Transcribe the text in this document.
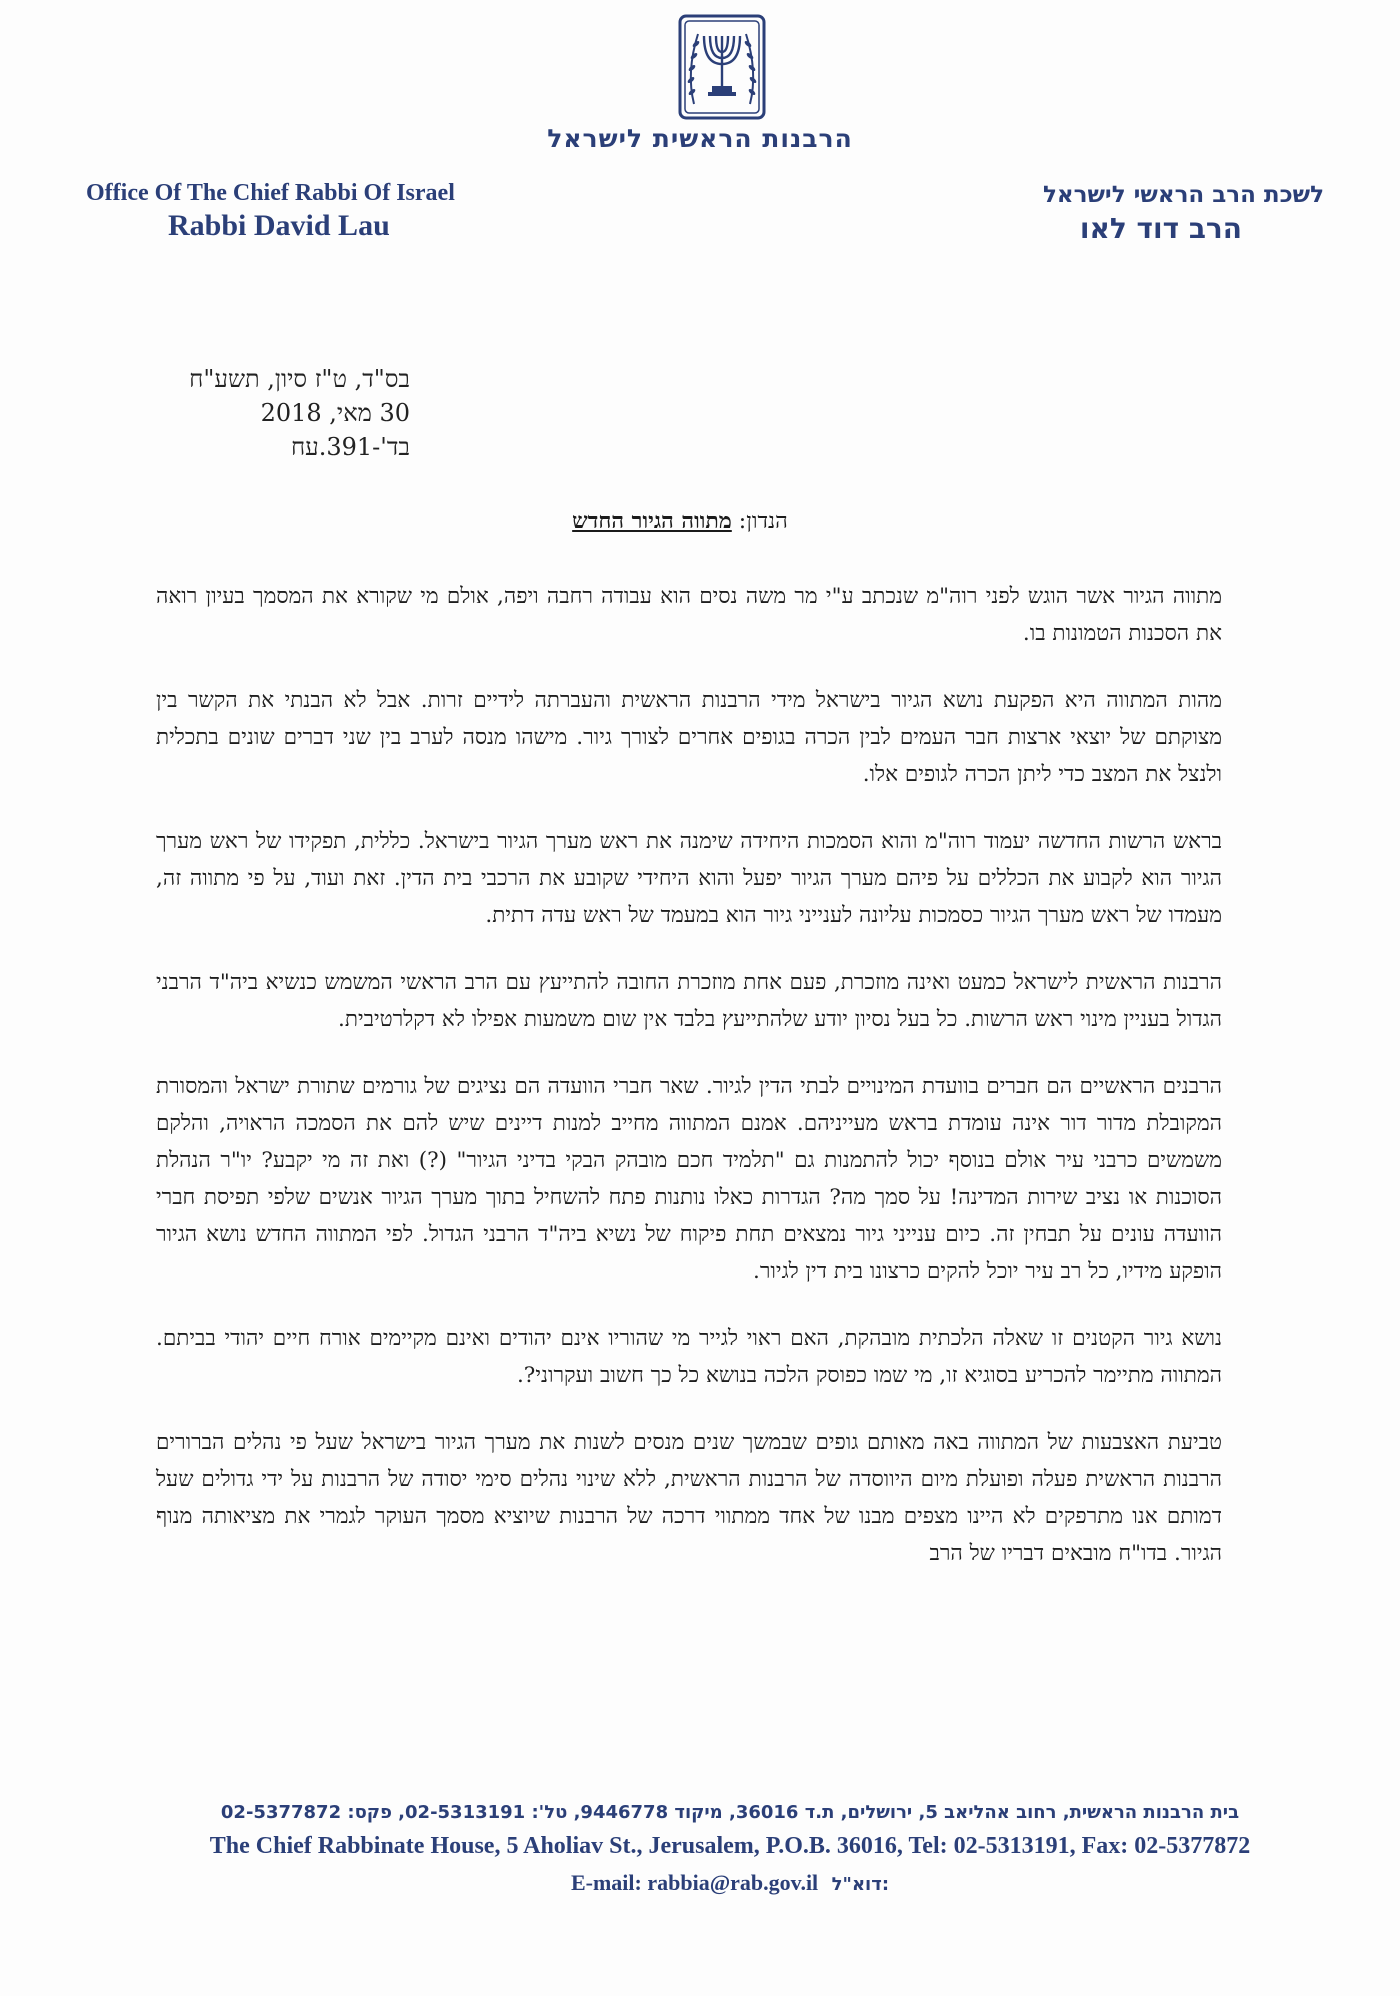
הרבנות הראשית לישראל
Office Of The Chief Rabbi Of Israel
Rabbi David Lau
לשכת הרב הראשי לישראל
הרב דוד לאו
בס"ד, ט"ז סיון, תשע"ח
30 מאי, 2018
בד'-391.עח
הנדון: מתווה הגיור החדש

מתווה הגיור אשר הוגש לפני רוה"מ שנכתב ע"י מר משה נסים הוא עבודה רחבה ויפה, אולם מי שקורא את המסמך בעיון רואה את הסכנות הטמונות בו.

מהות המתווה היא הפקעת נושא הגיור בישראל מידי הרבנות הראשית והעברתה לידיים זרות. אבל לא הבנתי את הקשר בין מצוקתם של יוצאי ארצות חבר העמים לבין הכרה בגופים אחרים לצורך גיור. מישהו מנסה לערב בין שני דברים שונים בתכלית ולנצל את המצב כדי ליתן הכרה לגופים אלו.

בראש הרשות החדשה יעמוד רוה"מ והוא הסמכות היחידה שימנה את ראש מערך הגיור בישראל. כללית, תפקידו של ראש מערך הגיור הוא לקבוע את הכללים על פיהם מערך הגיור יפעל והוא היחידי שקובע את הרכבי בית הדין. זאת ועוד, על פי מתווה זה, מעמדו של ראש מערך הגיור כסמכות עליונה לענייני גיור הוא במעמד של ראש עדה דתית.

הרבנות הראשית לישראל כמעט ואינה מוזכרת, פעם אחת מוזכרת החובה להתייעץ עם הרב הראשי המשמש כנשיא ביה"ד הרבני הגדול בעניין מינוי ראש הרשות. כל בעל נסיון יודע שלהתייעץ בלבד אין שום משמעות אפילו לא דקלרטיבית.

הרבנים הראשיים הם חברים בוועדת המינויים לבתי הדין לגיור. שאר חברי הוועדה הם נציגים של גורמים שתורת ישראל והמסורת המקובלת מדור דור אינה עומדת בראש מעייניהם. אמנם המתווה מחייב למנות דיינים שיש להם את הסמכה הראויה, והלקם משמשים כרבני עיר אולם בנוסף יכול להתמנות גם "תלמיד חכם מובהק הבקי בדיני הגיור" (?) ואת זה מי יקבע? יו"ר הנהלת הסוכנות או נציב שירות המדינה! על סמך מה? הגדרות כאלו נותנות פתח להשחיל בתוך מערך הגיור אנשים שלפי תפיסת חברי הוועדה עונים על תבחין זה. כיום ענייני גיור נמצאים תחת פיקוח של נשיא ביה"ד הרבני הגדול. לפי המתווה החדש נושא הגיור הופקע מידיו, כל רב עיר יוכל להקים כרצונו בית דין לגיור.

נושא גיור הקטנים זו שאלה הלכתית מובהקת, האם ראוי לגייר מי שהוריו אינם יהודים ואינם מקיימים אורח חיים יהודי בביתם. המתווה מתיימר להכריע בסוגיא זו, מי שמו כפוסק הלכה בנושא כל כך חשוב ועקרוני?.

טביעת האצבעות של המתווה באה מאותם גופים שבמשך שנים מנסים לשנות את מערך הגיור בישראל שעל פי נהלים הברורים הרבנות הראשית פעלה ופועלת מיום היווסדה של הרבנות הראשית, ללא שינוי נהלים סימי יסודה של הרבנות על ידי גדולים שעל דמותם אנו מתרפקים לא היינו מצפים מבנו של אחד ממתווי דרכה של הרבנות שיוציא מסמך העוקר לגמרי את מציאותה מנוף הגיור. בדו"ח מובאים דבריו של הרב

בית הרבנות הראשית, רחוב אהליאב 5, ירושלים, ת.ד 36016, מיקוד 9446778, טל': 02-5313191, פקס: 02-5377872
The Chief Rabbinate House, 5 Aholiav St., Jerusalem, P.O.B. 36016, Tel: 02-5313191, Fax: 02-5377872
E-mail: rabbia@rab.gov.il דוא"ל:
